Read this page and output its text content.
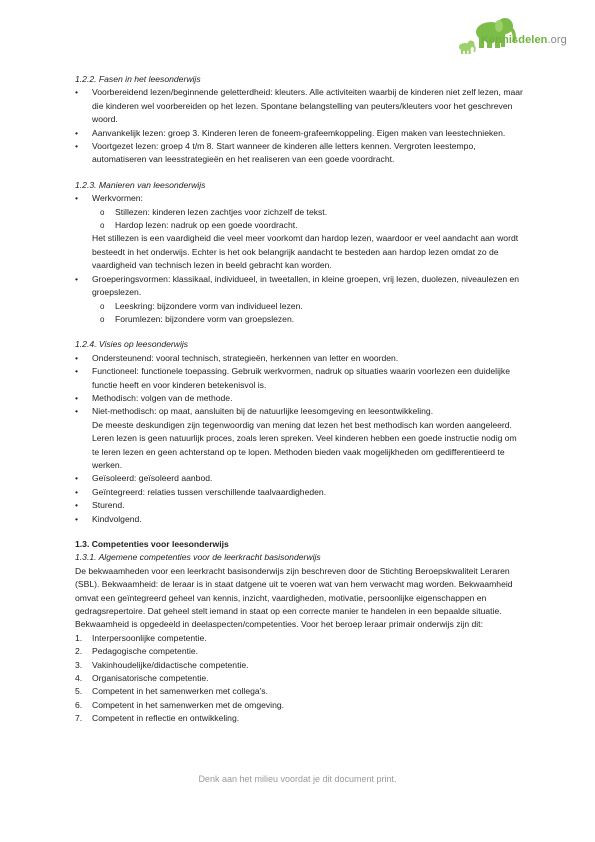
Kennisdelen.org

1.2.2. Fasen in het leesonderwijs

• Voorbereidend lezen/beginnende geletterdheid: kleuters. Alle activiteiten waarbij de kinderen niet zelf lezen, maar die kinderen wel voorbereiden op het lezen. Spontane belangstelling van peuters/kleuters voor het geschreven woord.
• Aanvankelijk lezen: groep 3. Kinderen leren de foneem-grafeemkoppeling. Eigen maken van leestechnieken.
• Voortgezet lezen: groep 4 t/m 8. Start wanneer de kinderen alle letters kennen. Vergroten leestempo, automatiseren van leesstrategieën en het realiseren van een goede voordracht.

1.2.3. Manieren van leesonderwijs

• Werkvormen:
o Stillezen: kinderen lezen zachtjes voor zichzelf de tekst.
o Hardop lezen: nadruk op een goede voordracht.

Het stillezen is een vaardigheid die veel meer voorkomt dan hardop lezen, waardoor er veel aandacht aan wordt besteedt in het onderwijs. Echter is het ook belangrijk aandacht te besteden aan hardop lezen omdat zo de vaardigheid van technisch lezen in beeld gebracht kan worden.

• Groeperingsvormen: klassikaal, individueel, in tweetallen, in kleine groepen, vrij lezen, duolezen, niveaulezen en groepslezen.
o Leeskring: bijzondere vorm van individueel lezen.
o Forumlezen: bijzondere vorm van groepslezen.

1.2.4. Visies op leesonderwijs

• Ondersteunend: vooral technisch, strategieën, herkennen van letter en woorden.
• Functioneel: functionele toepassing. Gebruik werkvormen, nadruk op situaties waarin voorlezen een duidelijke functie heeft en voor kinderen betekenisvol is.
• Methodisch: volgen van de methode.
• Niet-methodisch: op maat, aansluiten bij de natuurlijke leesomgeving en leesontwikkeling.
De meeste deskundigen zijn tegenwoordig van mening dat lezen het best methodisch kan worden aangeleerd. Leren lezen is geen natuurlijk proces, zoals leren spreken. Veel kinderen hebben een goede instructie nodig om te leren lezen en geen achterstand op te lopen. Methoden bieden vaak mogelijkheden om gedifferentieerd te werken.
• Geïsoleerd: geïsoleerd aanbod.
• Geïntegreerd: relaties tussen verschillende taalvaardigheden.
• Sturend.
• Kindvolgend.

1.3. Competenties voor leesonderwijs

1.3.1. Algemene competenties voor de leerkracht basisonderwijs

De bekwaamheden voor een leerkracht basisonderwijs zijn beschreven door de Stichting Beroepskwaliteit Leraren (SBL). Bekwaamheid: de leraar is in staat datgene uit te voeren wat van hem verwacht mag worden. Bekwaamheid omvat een geïntegreerd geheel van kennis, inzicht, vaardigheden, motivatie, persoonlijke eigenschappen en gedragsrepertoire. Dat geheel stelt iemand in staat op een correcte manier te handelen in een bepaalde situatie. Bekwaamheid is opgedeeld in deelaspecten/competenties. Voor het beroep leraar primair onderwijs zijn dit:

1. Interpersoonlijke competentie.
2. Pedagogische competentie.
3. Vakinhoudelijke/didactische competentie.
4. Organisatorische competentie.
5. Competent in het samenwerken met collega's.
6. Competent in het samenwerken met de omgeving.
7. Competent in reflectie en ontwikkeling.
Denk aan het milieu voordat je dit document print.
